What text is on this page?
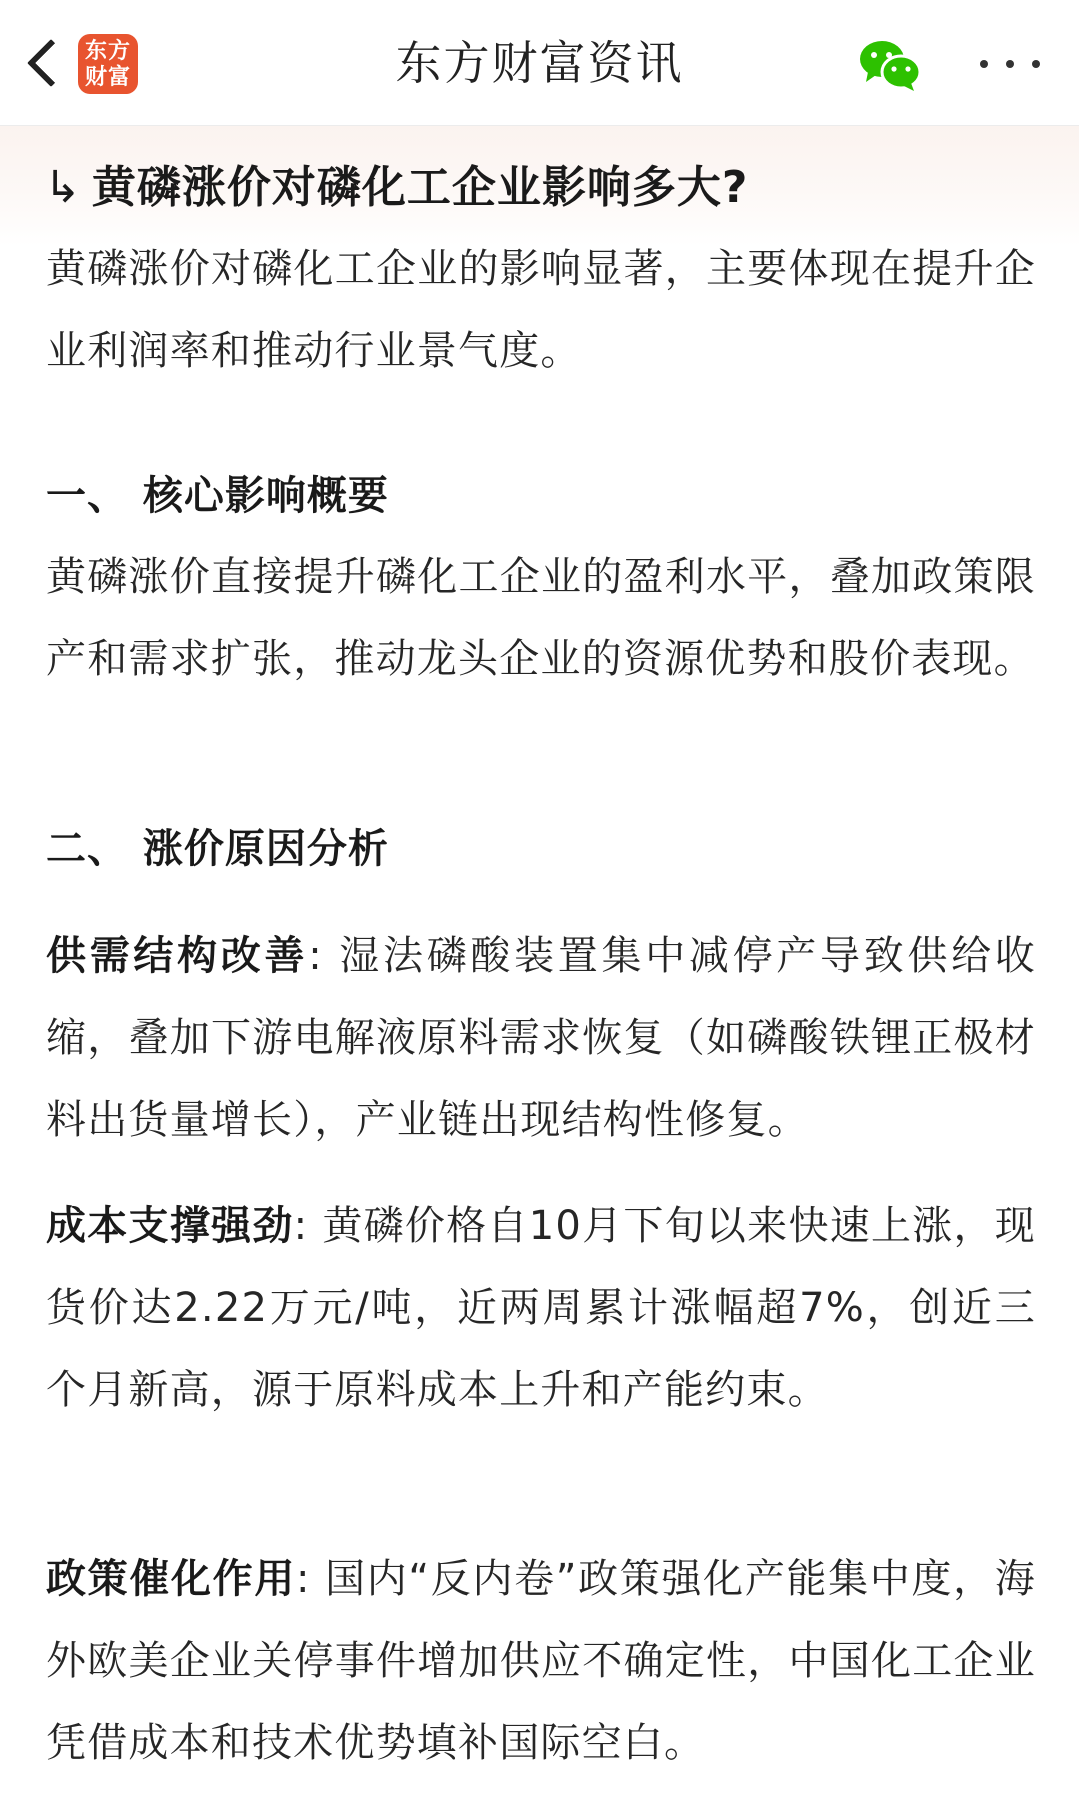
东方
财富	东方财富资讯
↳ 黄磷涨价对磷化工企业影响多大?

黄磷涨价对磷化工企业的影响显著，主要体现在提升企业利润率和推动行业景气度。

一、 核心影响概要

黄磷涨价直接提升磷化工企业的盈利水平，叠加政策限产和需求扩张，推动龙头企业的资源优势和股价表现。

二、 涨价原因分析

供需结构改善: 湿法磷酸装置集中减停产导致供给收缩，叠加下游电解液原料需求恢复（如磷酸铁锂正极材料出货量增长），产业链出现结构性修复。

成本支撑强劲: 黄磷价格自10月下旬以来快速上涨，现货价达2.22万元/吨，近两周累计涨幅超7%，创近三个月新高，源于原料成本上升和产能约束。

政策催化作用: 国内“反内卷”政策强化产能集中度，海外欧美企业关停事件增加供应不确定性，中国化工企业凭借成本和技术优势填补国际空白。
